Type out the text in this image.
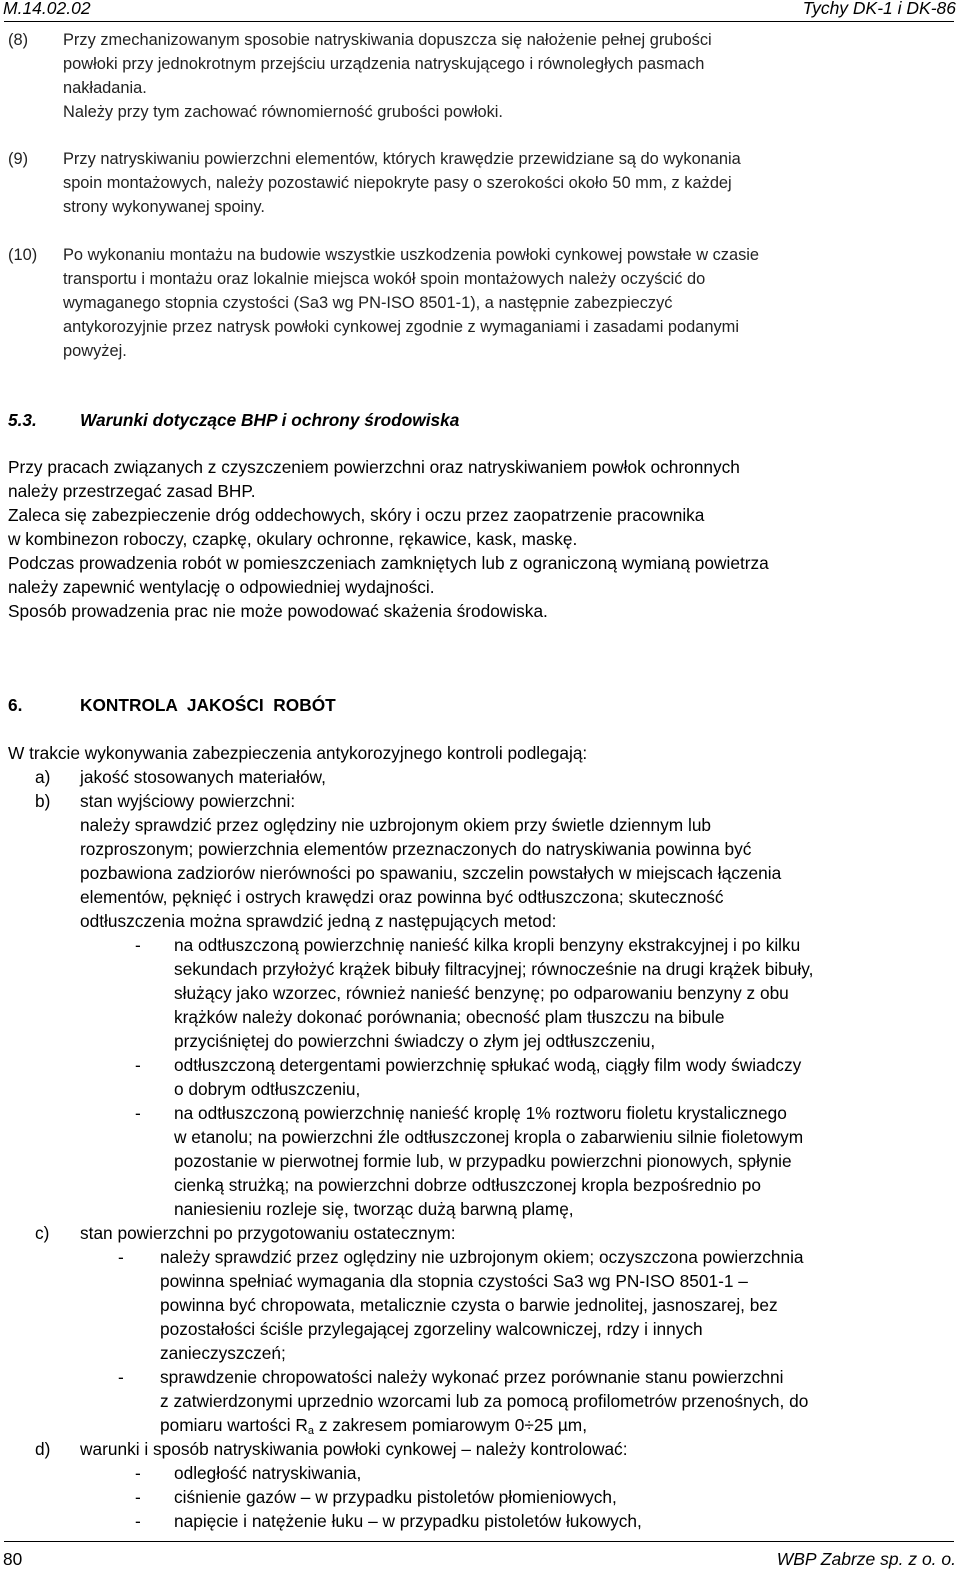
M.14.02.02	Tychy DK-1 i DK-86
(8) Przy zmechanizowanym sposobie natryskiwania dopuszcza się nałożenie pełnej grubości
powłoki przy jednokrotnym przejściu urządzenia natryskującego i równoległych pasmach
nakładania.
Należy przy tym zachować równomierność grubości powłoki.
(9) Przy natryskiwaniu powierzchni elementów, których krawędzie przewidziane są do wykonania
spoin montażowych, należy pozostawić niepokryte pasy o szerokości około 50 mm, z każdej
strony wykonywanej spoiny.
(10) Po wykonaniu montażu na budowie wszystkie uszkodzenia powłoki cynkowej powstałe w czasie
transportu i montażu oraz lokalnie miejsca wokół spoin montażowych należy oczyścić do
wymaganego stopnia czystości (Sa3 wg PN-ISO 8501-1), a następnie zabezpieczyć
antykorozyjnie przez natrysk powłoki cynkowej zgodnie z wymaganiami i zasadami podanymi
powyżej.
5.3. Warunki dotyczące BHP i ochrony środowiska
Przy pracach związanych z czyszczeniem powierzchni oraz natryskiwaniem powłok ochronnych
należy przestrzegać zasad BHP.
Zaleca się zabezpieczenie dróg oddechowych, skóry i oczu przez zaopatrzenie pracownika
w kombinezon roboczy, czapkę, okulary ochronne, rękawice, kask, maskę.
Podczas prowadzenia robót w pomieszczeniach zamkniętych lub z ograniczoną wymianą powietrza
należy zapewnić wentylację o odpowiedniej wydajności.
Sposób prowadzenia prac nie może powodować skażenia środowiska.
6.	KONTROLA  JAKOŚCI  ROBÓT
W trakcie wykonywania zabezpieczenia antykorozyjnego kontroli podlegają:
a) jakość stosowanych materiałów,
b) stan wyjściowy powierzchni:
należy sprawdzić przez oględziny nie uzbrojonym okiem przy świetle dziennym lub
rozproszonym; powierzchnia elementów przeznaczonych do natryskiwania powinna być
pozbawiona zadziorów nierówności po spawaniu, szczelin powstałych w miejscach łączenia
elementów, pęknięć i ostrych krawędzi oraz powinna być odtłuszczona; skuteczność
odtłuszczenia można sprawdzić jedną z następujących metod:
- na odtłuszczoną powierzchnię nanieść kilka kropli benzyny ekstrakcyjnej i po kilku
sekundach przyłożyć krążek bibuły filtracyjnej; równocześnie na drugi krążek bibuły,
służący jako wzorzec, również nanieść benzynę; po odparowaniu benzyny z obu
krążków należy dokonać porównania; obecność plam tłuszczu na bibule
przyciśniętej do powierzchni świadczy o złym jej odtłuszczeniu,
- odtłuszczoną detergentami powierzchnię spłukać wodą, ciągły film wody świadczy
o dobrym odtłuszczeniu,
- na odtłuszczoną powierzchnię nanieść kroplę 1% roztworu fioletu krystalicznego
w etanolu; na powierzchni źle odtłuszczonej kropla o zabarwieniu silnie fioletowym
pozostanie w pierwotnej formie lub, w przypadku powierzchni pionowych, spłynie
cienką strużką; na powierzchni dobrze odtłuszczonej kropla bezpośrednio po
naniesieniu rozleje się, tworząc dużą barwną plamę,
c) stan powierzchni po przygotowaniu ostatecznym:
- należy sprawdzić przez oględziny nie uzbrojonym okiem; oczyszczona powierzchnia
powinna spełniać wymagania dla stopnia czystości Sa3 wg PN-ISO 8501-1 –
powinna być chropowata, metalicznie czysta o barwie jednolitej, jasnoszarej, bez
pozostałości ściśle przylegającej zgorzeliny walcowniczej, rdzy i innych
zanieczyszczeń;
- sprawdzenie chropowatości należy wykonać przez porównanie stanu powierzchni
z zatwierdzonymi uprzednio wzorcami lub za pomocą profilometrów przenośnych, do
pomiaru wartości $R_a$ z zakresem pomiarowym 0÷25 µm,
d) warunki i sposób natryskiwania powłoki cynkowej – należy kontrolować:
- odległość natryskiwania,
- ciśnienie gazów – w przypadku pistoletów płomieniowych,
- napięcie i natężenie łuku – w przypadku pistoletów łukowych,
80	WBP Zabrze sp. z o. o.
